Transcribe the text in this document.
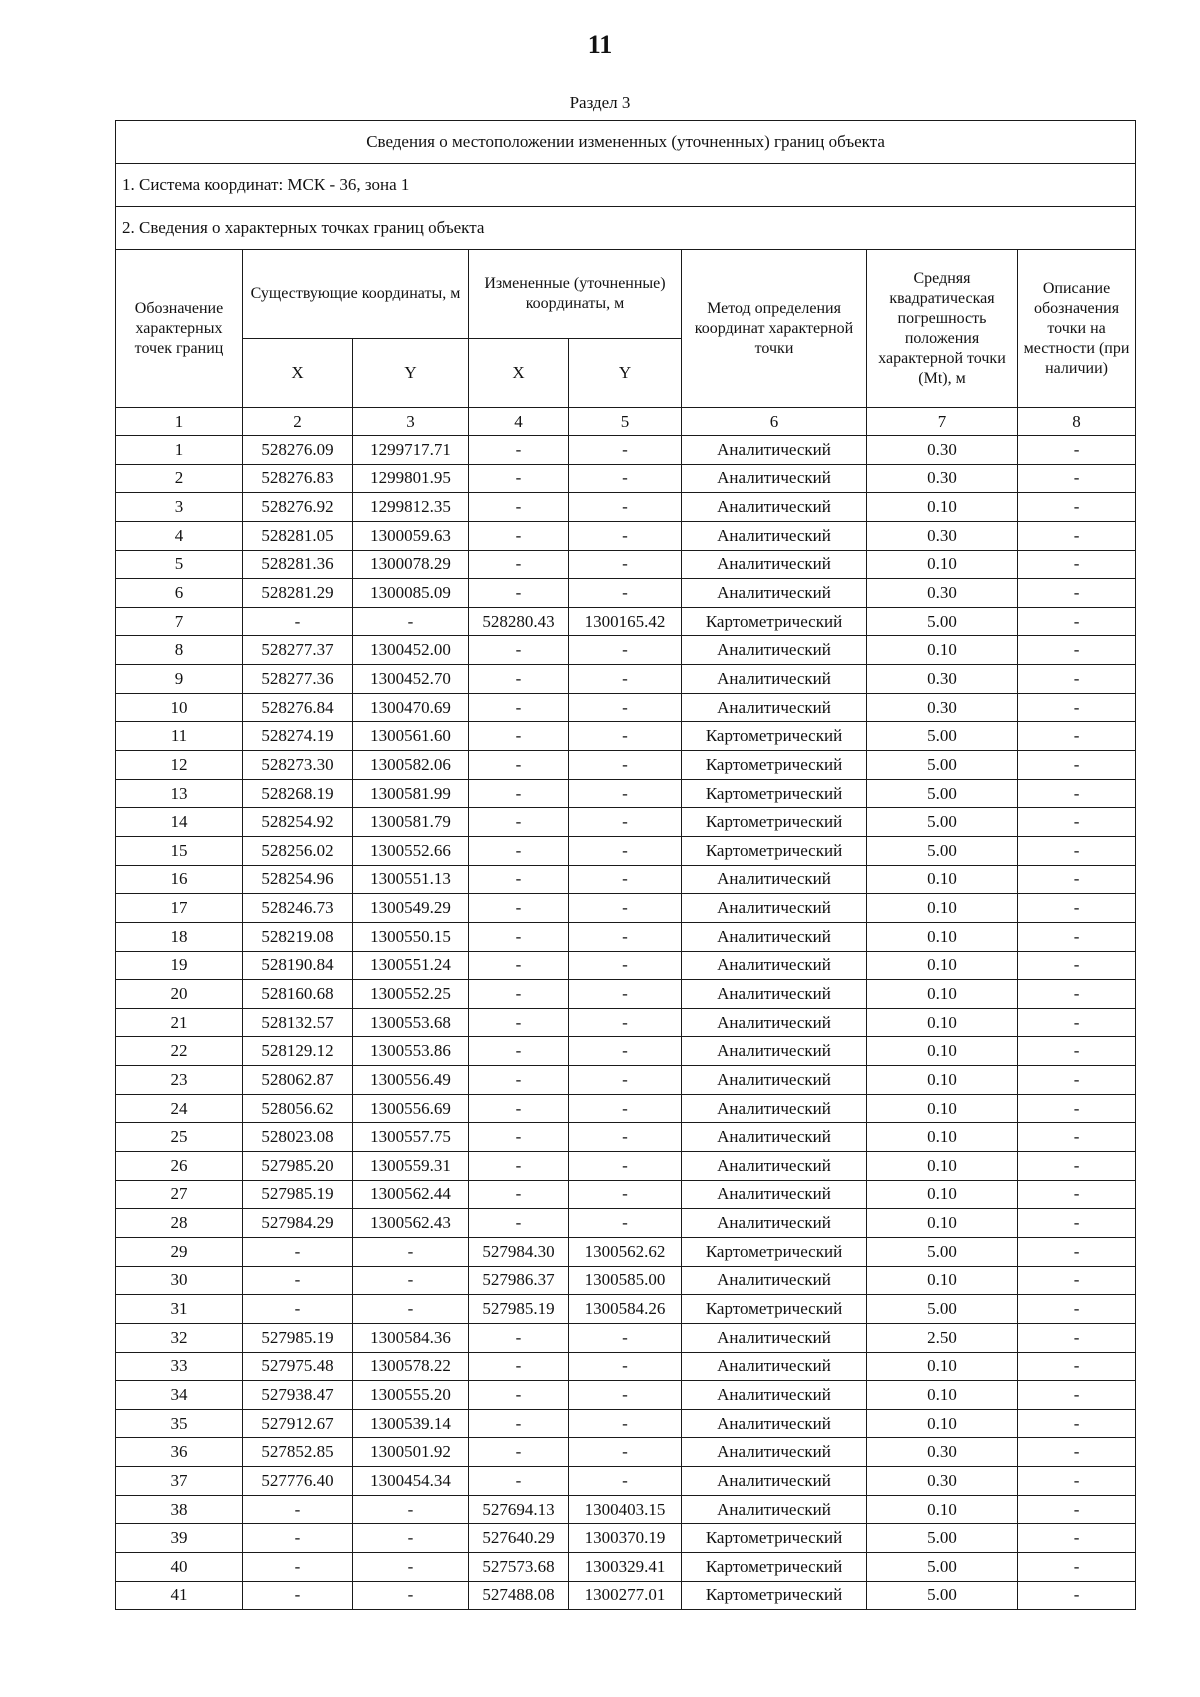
11
Раздел 3
Сведения о местоположении измененных (уточненных) границ объекта							
1. Система координат: МСК - 36, зона 1							
2. Сведения о характерных точках границ объекта							
Обозначение характерных точек границ	Существующие координаты, м		Измененные (уточненные) координаты, м		Метод определения координат характерной точки	Средняя квадратическая погрешность положения характерной точки (Mt), м	Описание обозначения точки на местности (при наличии)
	X	Y	X	Y			
1	2	3	4	5	6	7	8
1	528276.09	1299717.71	-	-	Аналитический	0.30	-
2	528276.83	1299801.95	-	-	Аналитический	0.30	-
3	528276.92	1299812.35	-	-	Аналитический	0.10	-
4	528281.05	1300059.63	-	-	Аналитический	0.30	-
5	528281.36	1300078.29	-	-	Аналитический	0.10	-
6	528281.29	1300085.09	-	-	Аналитический	0.30	-
7	-	-	528280.43	1300165.42	Картометрический	5.00	-
8	528277.37	1300452.00	-	-	Аналитический	0.10	-
9	528277.36	1300452.70	-	-	Аналитический	0.30	-
10	528276.84	1300470.69	-	-	Аналитический	0.30	-
11	528274.19	1300561.60	-	-	Картометрический	5.00	-
12	528273.30	1300582.06	-	-	Картометрический	5.00	-
13	528268.19	1300581.99	-	-	Картометрический	5.00	-
14	528254.92	1300581.79	-	-	Картометрический	5.00	-
15	528256.02	1300552.66	-	-	Картометрический	5.00	-
16	528254.96	1300551.13	-	-	Аналитический	0.10	-
17	528246.73	1300549.29	-	-	Аналитический	0.10	-
18	528219.08	1300550.15	-	-	Аналитический	0.10	-
19	528190.84	1300551.24	-	-	Аналитический	0.10	-
20	528160.68	1300552.25	-	-	Аналитический	0.10	-
21	528132.57	1300553.68	-	-	Аналитический	0.10	-
22	528129.12	1300553.86	-	-	Аналитический	0.10	-
23	528062.87	1300556.49	-	-	Аналитический	0.10	-
24	528056.62	1300556.69	-	-	Аналитический	0.10	-
25	528023.08	1300557.75	-	-	Аналитический	0.10	-
26	527985.20	1300559.31	-	-	Аналитический	0.10	-
27	527985.19	1300562.44	-	-	Аналитический	0.10	-
28	527984.29	1300562.43	-	-	Аналитический	0.10	-
29	-	-	527984.30	1300562.62	Картометрический	5.00	-
30	-	-	527986.37	1300585.00	Аналитический	0.10	-
31	-	-	527985.19	1300584.26	Картометрический	5.00	-
32	527985.19	1300584.36	-	-	Аналитический	2.50	-
33	527975.48	1300578.22	-	-	Аналитический	0.10	-
34	527938.47	1300555.20	-	-	Аналитический	0.10	-
35	527912.67	1300539.14	-	-	Аналитический	0.10	-
36	527852.85	1300501.92	-	-	Аналитический	0.30	-
37	527776.40	1300454.34	-	-	Аналитический	0.30	-
38	-	-	527694.13	1300403.15	Аналитический	0.10	-
39	-	-	527640.29	1300370.19	Картометрический	5.00	-
40	-	-	527573.68	1300329.41	Картометрический	5.00	-
41	-	-	527488.08	1300277.01	Картометрический	5.00	-
